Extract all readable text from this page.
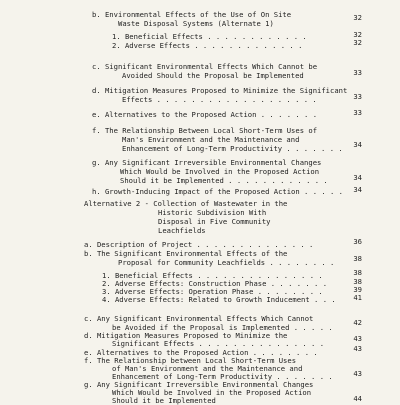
b. Environmental Effects of the Use of On Site
Waste Disposal Systems (Alternate 1)
32
1. Beneficial Effects . . . . . . . . . . . .	32
2. Adverse Effects . . . . . . . . . . . . .	32
c. Significant Environmental Effects Which Cannot be
Avoided Should the Proposal be Implemented	33
d. Mitigation Measures Proposed to Minimize the Significant
Effects . . . . . . . . . . . . . . . . . . .	33
e. Alternatives to the Proposed Action . . . . . . .	33
f. The Relationship Between Local Short-Term Uses of
Man's Environment and the Maintenance and
Enhancement of Long-Term Productivity . . . . . . .	34
g. Any Significant Irreversible Environmental Changes
Which Would be Involved in the Proposed Action
Should it be Implemented . . . . . . . . . . . .	34
h. Growth-Inducing Impact of the Proposed Action . . . . .	34
Alternative 2 - Collection of Wastewater in the
Historic Subdivision With
Disposal in Five Community
Leachfields
a. Description of Project . . . . . . . . . . . . . .	36
b. The Significant Environmental Effects of the
Proposal for Community Leachfields . . . . . . . .	38
1. Beneficial Effects . . . . . . . . . . . . . . .	38
2. Adverse Effects: Construction Phase . . . . . . .	38
3. Adverse Effects: Operation Phase . . . . . . . .	39
4. Adverse Effects: Related to Growth Inducement . . .	41
c. Any Significant Environmental Effects Which Cannot
be Avoided if the Proposal is Implemented . . . . .
42
d. Mitigation Measures Proposed to Minimize the
Significant Effects . . . . . . . . . . . . . . .
43
e. Alternatives to the Proposed Action . . . . . . . .	43
f. The Relationship between Local Short-Term Uses
of Man's Environment and the Maintenance and
Enhancement of Long-Term Productivity . . . . . . .	43
g. Any Significant Irreversible Environmental Changes
Which Would be Involved in the Proposed Action
Should it be Implemented	44
